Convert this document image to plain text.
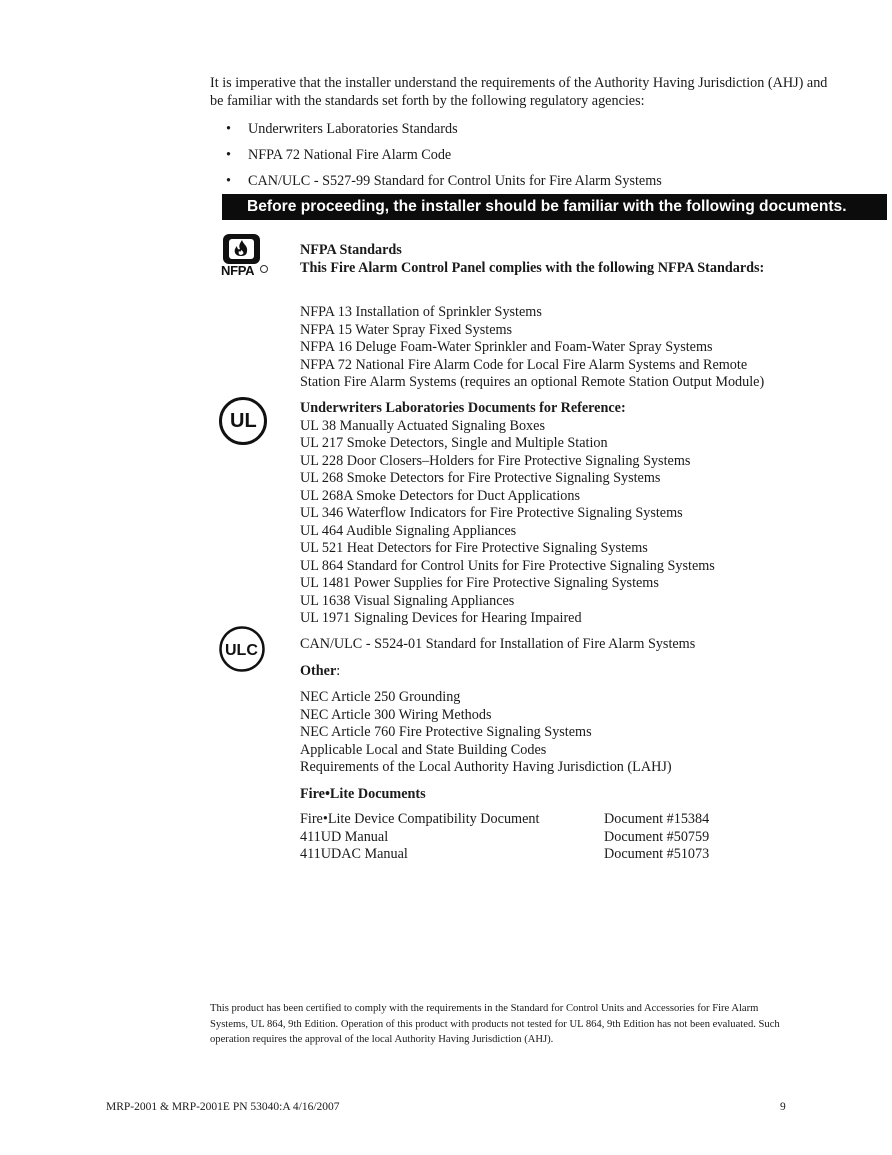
It is imperative that the installer understand the requirements of the Authority Having Jurisdiction (AHJ) and be familiar with the standards set forth by the following regulatory agencies:
•	Underwriters Laboratories Standards
•	NFPA 72 National Fire Alarm Code
•	CAN/ULC - S527-99 Standard for Control Units for Fire Alarm Systems
Before proceeding, the installer should be familiar with the following documents.
NFPA
NFPA Standards
This Fire Alarm Control Panel complies with the following NFPA Standards:
NFPA 13 Installation of Sprinkler Systems
NFPA 15 Water Spray Fixed Systems
NFPA 16 Deluge Foam-Water Sprinkler and Foam-Water Spray Systems
NFPA 72 National Fire Alarm Code for Local Fire Alarm Systems and Remote
Station Fire Alarm Systems (requires an optional Remote Station Output Module)
UL
Underwriters Laboratories Documents for Reference:
UL 38 Manually Actuated Signaling Boxes
UL 217 Smoke Detectors, Single and Multiple Station
UL 228 Door Closers–Holders for Fire Protective Signaling Systems
UL 268 Smoke Detectors for Fire Protective Signaling Systems
UL 268A Smoke Detectors for Duct Applications
UL 346 Waterflow Indicators for Fire Protective Signaling Systems
UL 464 Audible Signaling Appliances
UL 521 Heat Detectors for Fire Protective Signaling Systems
UL 864 Standard for Control Units for Fire Protective Signaling Systems
UL 1481 Power Supplies for Fire Protective Signaling Systems
UL 1638 Visual Signaling Appliances
UL 1971 Signaling Devices for Hearing Impaired
ULC	CAN/ULC - S524-01 Standard for Installation of Fire Alarm Systems
Other:
NEC Article 250 Grounding
NEC Article 300 Wiring Methods
NEC Article 760 Fire Protective Signaling Systems
Applicable Local and State Building Codes
Requirements of the Local Authority Having Jurisdiction (LAHJ)
Fire•Lite Documents
Fire•Lite Device Compatibility Document	Document #15384
411UD Manual	Document #50759
411UDAC Manual	Document #51073
This product has been certified to comply with the requirements in the Standard for Control Units and Accessories for Fire Alarm Systems, UL 864, 9th Edition. Operation of this product with products not tested for UL 864, 9th Edition has not been evaluated. Such operation requires the approval of the local Authority Having Jurisdiction (AHJ).
MRP-2001 & MRP-2001E PN 53040:A 4/16/2007	9
